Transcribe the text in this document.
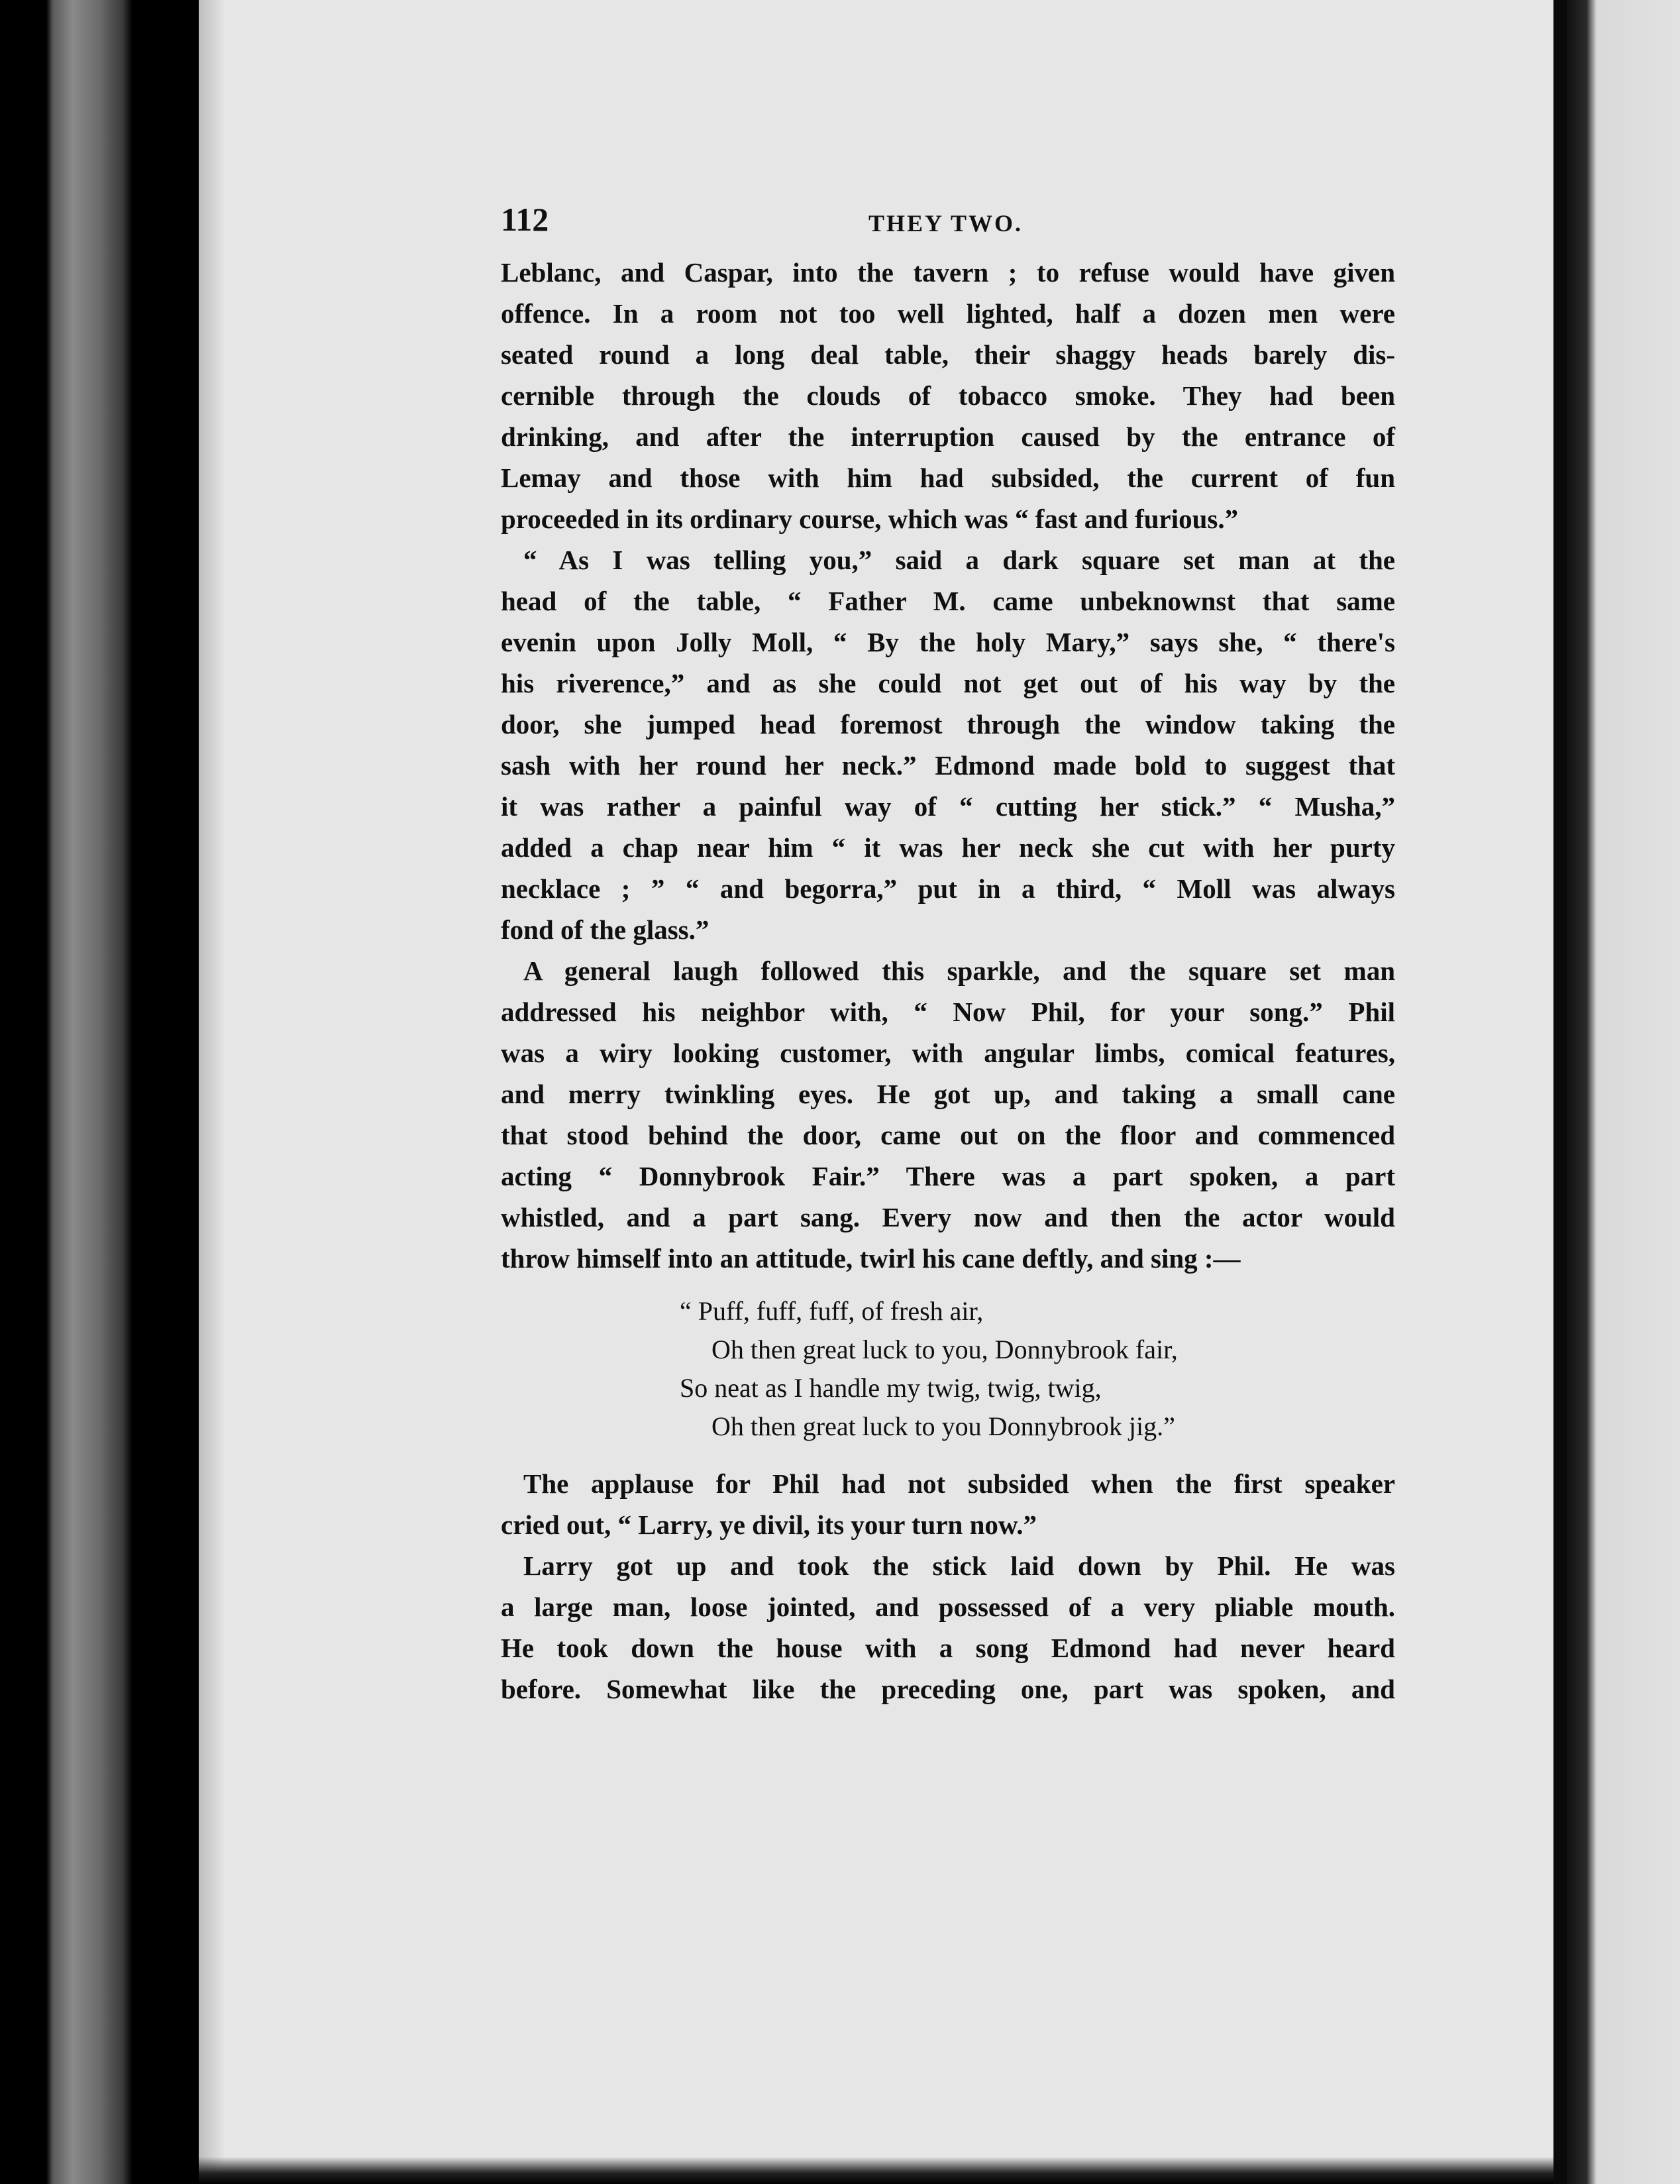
112	THEY TWO.

Leblanc, and Caspar, into the tavern ; to refuse would have given
offence. In a room not too well lighted, half a dozen men were
seated round a long deal table, their shaggy heads barely dis-
cernible through the clouds of tobacco smoke. They had been
drinking, and after the interruption caused by the entrance of
Lemay and those with him had subsided, the current of fun
proceeded in its ordinary course, which was “ fast and furious.”

“ As I was telling you,” said a dark square set man at the
head of the table, “ Father M. came unbeknownst that same
evenin upon Jolly Moll, “ By the holy Mary,” says she, “ there's
his riverence,” and as she could not get out of his way by the
door, she jumped head foremost through the window taking the
sash with her round her neck.” Edmond made bold to suggest that
it was rather a painful way of “ cutting her stick.” “ Musha,”
added a chap near him “ it was her neck she cut with her purty
necklace ; ” “ and begorra,” put in a third, “ Moll was always
fond of the glass.”

A general laugh followed this sparkle, and the square set man
addressed his neighbor with, “ Now Phil, for your song.” Phil
was a wiry looking customer, with angular limbs, comical features,
and merry twinkling eyes. He got up, and taking a small cane
that stood behind the door, came out on the floor and commenced
acting “ Donnybrook Fair.” There was a part spoken, a part
whistled, and a part sang. Every now and then the actor would
throw himself into an attitude, twirl his cane deftly, and sing :—

“ Puff, fuff, fuff, of fresh air,
Oh then great luck to you, Donnybrook fair,
So neat as I handle my twig, twig, twig,
Oh then great luck to you Donnybrook jig.”

The applause for Phil had not subsided when the first speaker
cried out, “ Larry, ye divil, its your turn now.”

Larry got up and took the stick laid down by Phil. He was
a large man, loose jointed, and possessed of a very pliable mouth.
He took down the house with a song Edmond had never heard
before. Somewhat like the preceding one, part was spoken, and
